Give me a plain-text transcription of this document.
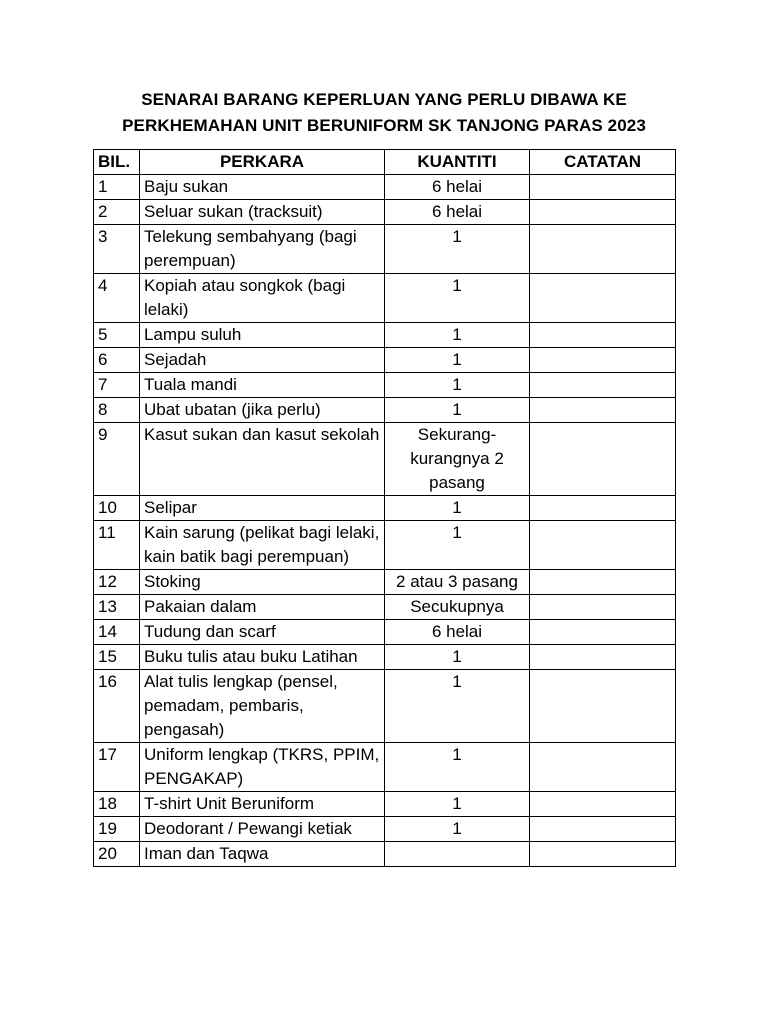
SENARAI BARANG KEPERLUAN YANG PERLU DIBAWA KE
PERKHEMAHAN UNIT BERUNIFORM SK TANJONG PARAS 2023
BIL.	PERKARA	KUANTITI	CATATAN
1	Baju sukan	6 helai	
2	Seluar sukan (tracksuit)	6 helai	
3	Telekung sembahyang (bagi perempuan)	1	
4	Kopiah atau songkok (bagi lelaki)	1	
5	Lampu suluh	1	
6	Sejadah	1	
7	Tuala mandi	1	
8	Ubat ubatan (jika perlu)	1	
9	Kasut sukan dan kasut sekolah	Sekurang-kurangnya 2 pasang	
10	Selipar	1	
11	Kain sarung (pelikat bagi lelaki, kain batik bagi perempuan)	1	
12	Stoking	2 atau 3 pasang	
13	Pakaian dalam	Secukupnya	
14	Tudung dan scarf	6 helai	
15	Buku tulis atau buku Latihan	1	
16	Alat tulis lengkap (pensel, pemadam, pembaris, pengasah)	1	
17	Uniform lengkap (TKRS, PPIM, PENGAKAP)	1	
18	T-shirt Unit Beruniform	1	
19	Deodorant / Pewangi ketiak	1	
20	Iman dan Taqwa		
